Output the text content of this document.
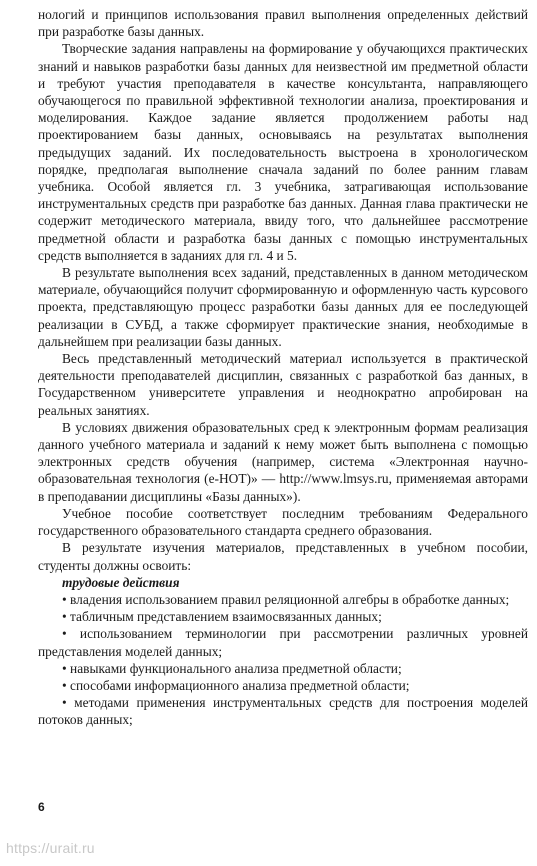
нологий и принципов использования правил выполнения определенных действий при разработке базы данных.

Творческие задания направлены на формирование у обучающихся практических знаний и навыков разработки базы данных для неизвестной им предметной области и требуют участия преподавателя в качестве консультанта, направляющего обучающегося по правильной эффективной технологии анализа, проектирования и моделирования. Каждое задание является продолжением работы над проектированием базы данных, основываясь на результатах выполнения предыдущих заданий. Их последовательность выстроена в хронологическом порядке, предполагая выполнение сначала заданий по более ранним главам учебника. Особой является гл. 3 учебника, затрагивающая использование инструментальных средств при разработке баз данных. Данная глава практически не содержит методического материала, ввиду того, что дальнейшее рассмотрение предметной области и разработка базы данных с помощью инструментальных средств выполняется в заданиях для гл. 4 и 5.

В результате выполнения всех заданий, представленных в данном методическом материале, обучающийся получит сформированную и оформленную часть курсового проекта, представляющую процесс разработки базы данных для ее последующей реализации в СУБД, а также сформирует практические знания, необходимые в дальнейшем при реализации базы данных.

Весь представленный методический материал используется в практической деятельности преподавателей дисциплин, связанных с разработкой баз данных, в Государственном университете управления и неоднократно апробирован на реальных занятиях.

В условиях движения образовательных сред к электронным формам реализация данного учебного материала и заданий к нему может быть выполнена с помощью электронных средств обучения (например, система «Электронная научно-образовательная технология (e-НОТ)» — http://www.lmsys.ru, применяемая авторами в преподавании дисциплины «Базы данных»).

Учебное пособие соответствует последним требованиям Федерального государственного образовательного стандарта среднего образования.

В результате изучения материалов, представленных в учебном пособии, студенты должны освоить:

трудовые действия

• владения использованием правил реляционной алгебры в обработке данных;

• табличным представлением взаимосвязанных данных;

• использованием терминологии при рассмотрении различных уровней представления моделей данных;

• навыками функционального анализа предметной области;

• способами информационного анализа предметной области;

• методами применения инструментальных средств для построения моделей потоков данных;

6
https://urait.ru
